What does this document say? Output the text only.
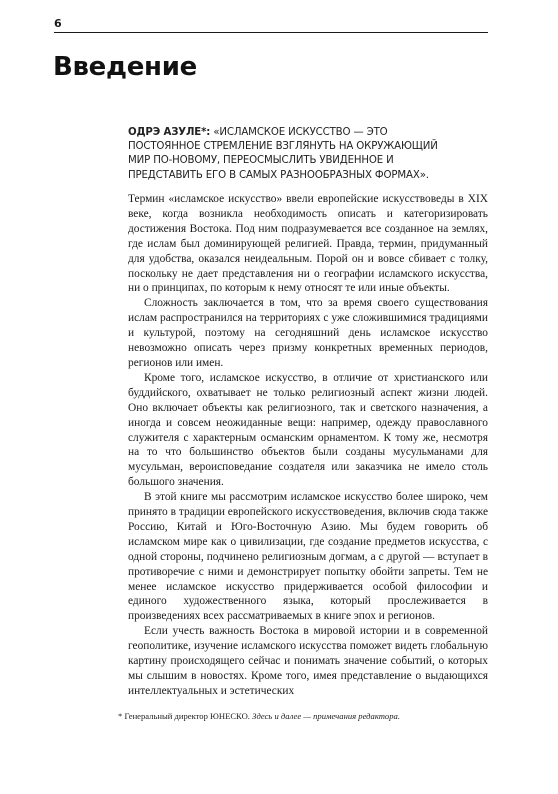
6
Введение
ОДРЭ АЗУЛЕ*: «ИСЛАМСКОЕ ИСКУССТВО — ЭТО ПОСТОЯННОЕ СТРЕМЛЕНИЕ ВЗГЛЯНУТЬ НА ОКРУЖАЮЩИЙ МИР ПО-НОВОМУ, ПЕРЕОСМЫСЛИТЬ УВИДЕННОЕ И ПРЕДСТАВИТЬ ЕГО В САМЫХ РАЗНООБРАЗНЫХ ФОРМАХ».

Термин «исламское искусство» ввели европейские искусствоведы в XIX веке, когда возникла необходимость описать и категоризировать достижения Востока. Под ним подразумевается все созданное на землях, где ислам был доминирующей религией. Правда, термин, придуманный для удобства, оказался неидеальным. Порой он и вовсе сбивает с толку, поскольку не дает представления ни о географии исламского искусства, ни о принципах, по которым к нему относят те или иные объекты.

Сложность заключается в том, что за время своего существования ислам распространился на территориях с уже сложившимися традициями и культурой, поэтому на сегодняшний день исламское искусство невозможно описать через призму конкретных временных периодов, регионов или имен.

Кроме того, исламское искусство, в отличие от христианского или буддийского, охватывает не только религиозный аспект жизни людей. Оно включает объекты как религиозного, так и светского назначения, а иногда и совсем неожиданные вещи: например, одежду православного служителя с характерным османским орнаментом. К тому же, несмотря на то что большинство объектов были созданы мусульманами для мусульман, вероисповедание создателя или заказчика не имело столь большого значения.

В этой книге мы рассмотрим исламское искусство более широко, чем принято в традиции европейского искусствоведения, включив сюда также Россию, Китай и Юго-Восточную Азию. Мы будем говорить об исламском мире как о цивилизации, где создание предметов искусства, с одной стороны, подчинено религиозным догмам, а с другой — вступает в противоречие с ними и демонстрирует попытку обойти запреты. Тем не менее исламское искусство придерживается особой философии и единого художественного языка, который прослеживается в произведениях всех рассматриваемых в книге эпох и регионов.

Если учесть важность Востока в мировой истории и в современной геополитике, изучение исламского искусства поможет видеть глобальную картину происходящего сейчас и понимать значение событий, о которых мы слышим в новостях. Кроме того, имея представление о выдающихся интеллектуальных и эстетических

* Генеральный директор ЮНЕСКО. Здесь и далее — примечания редактора.
